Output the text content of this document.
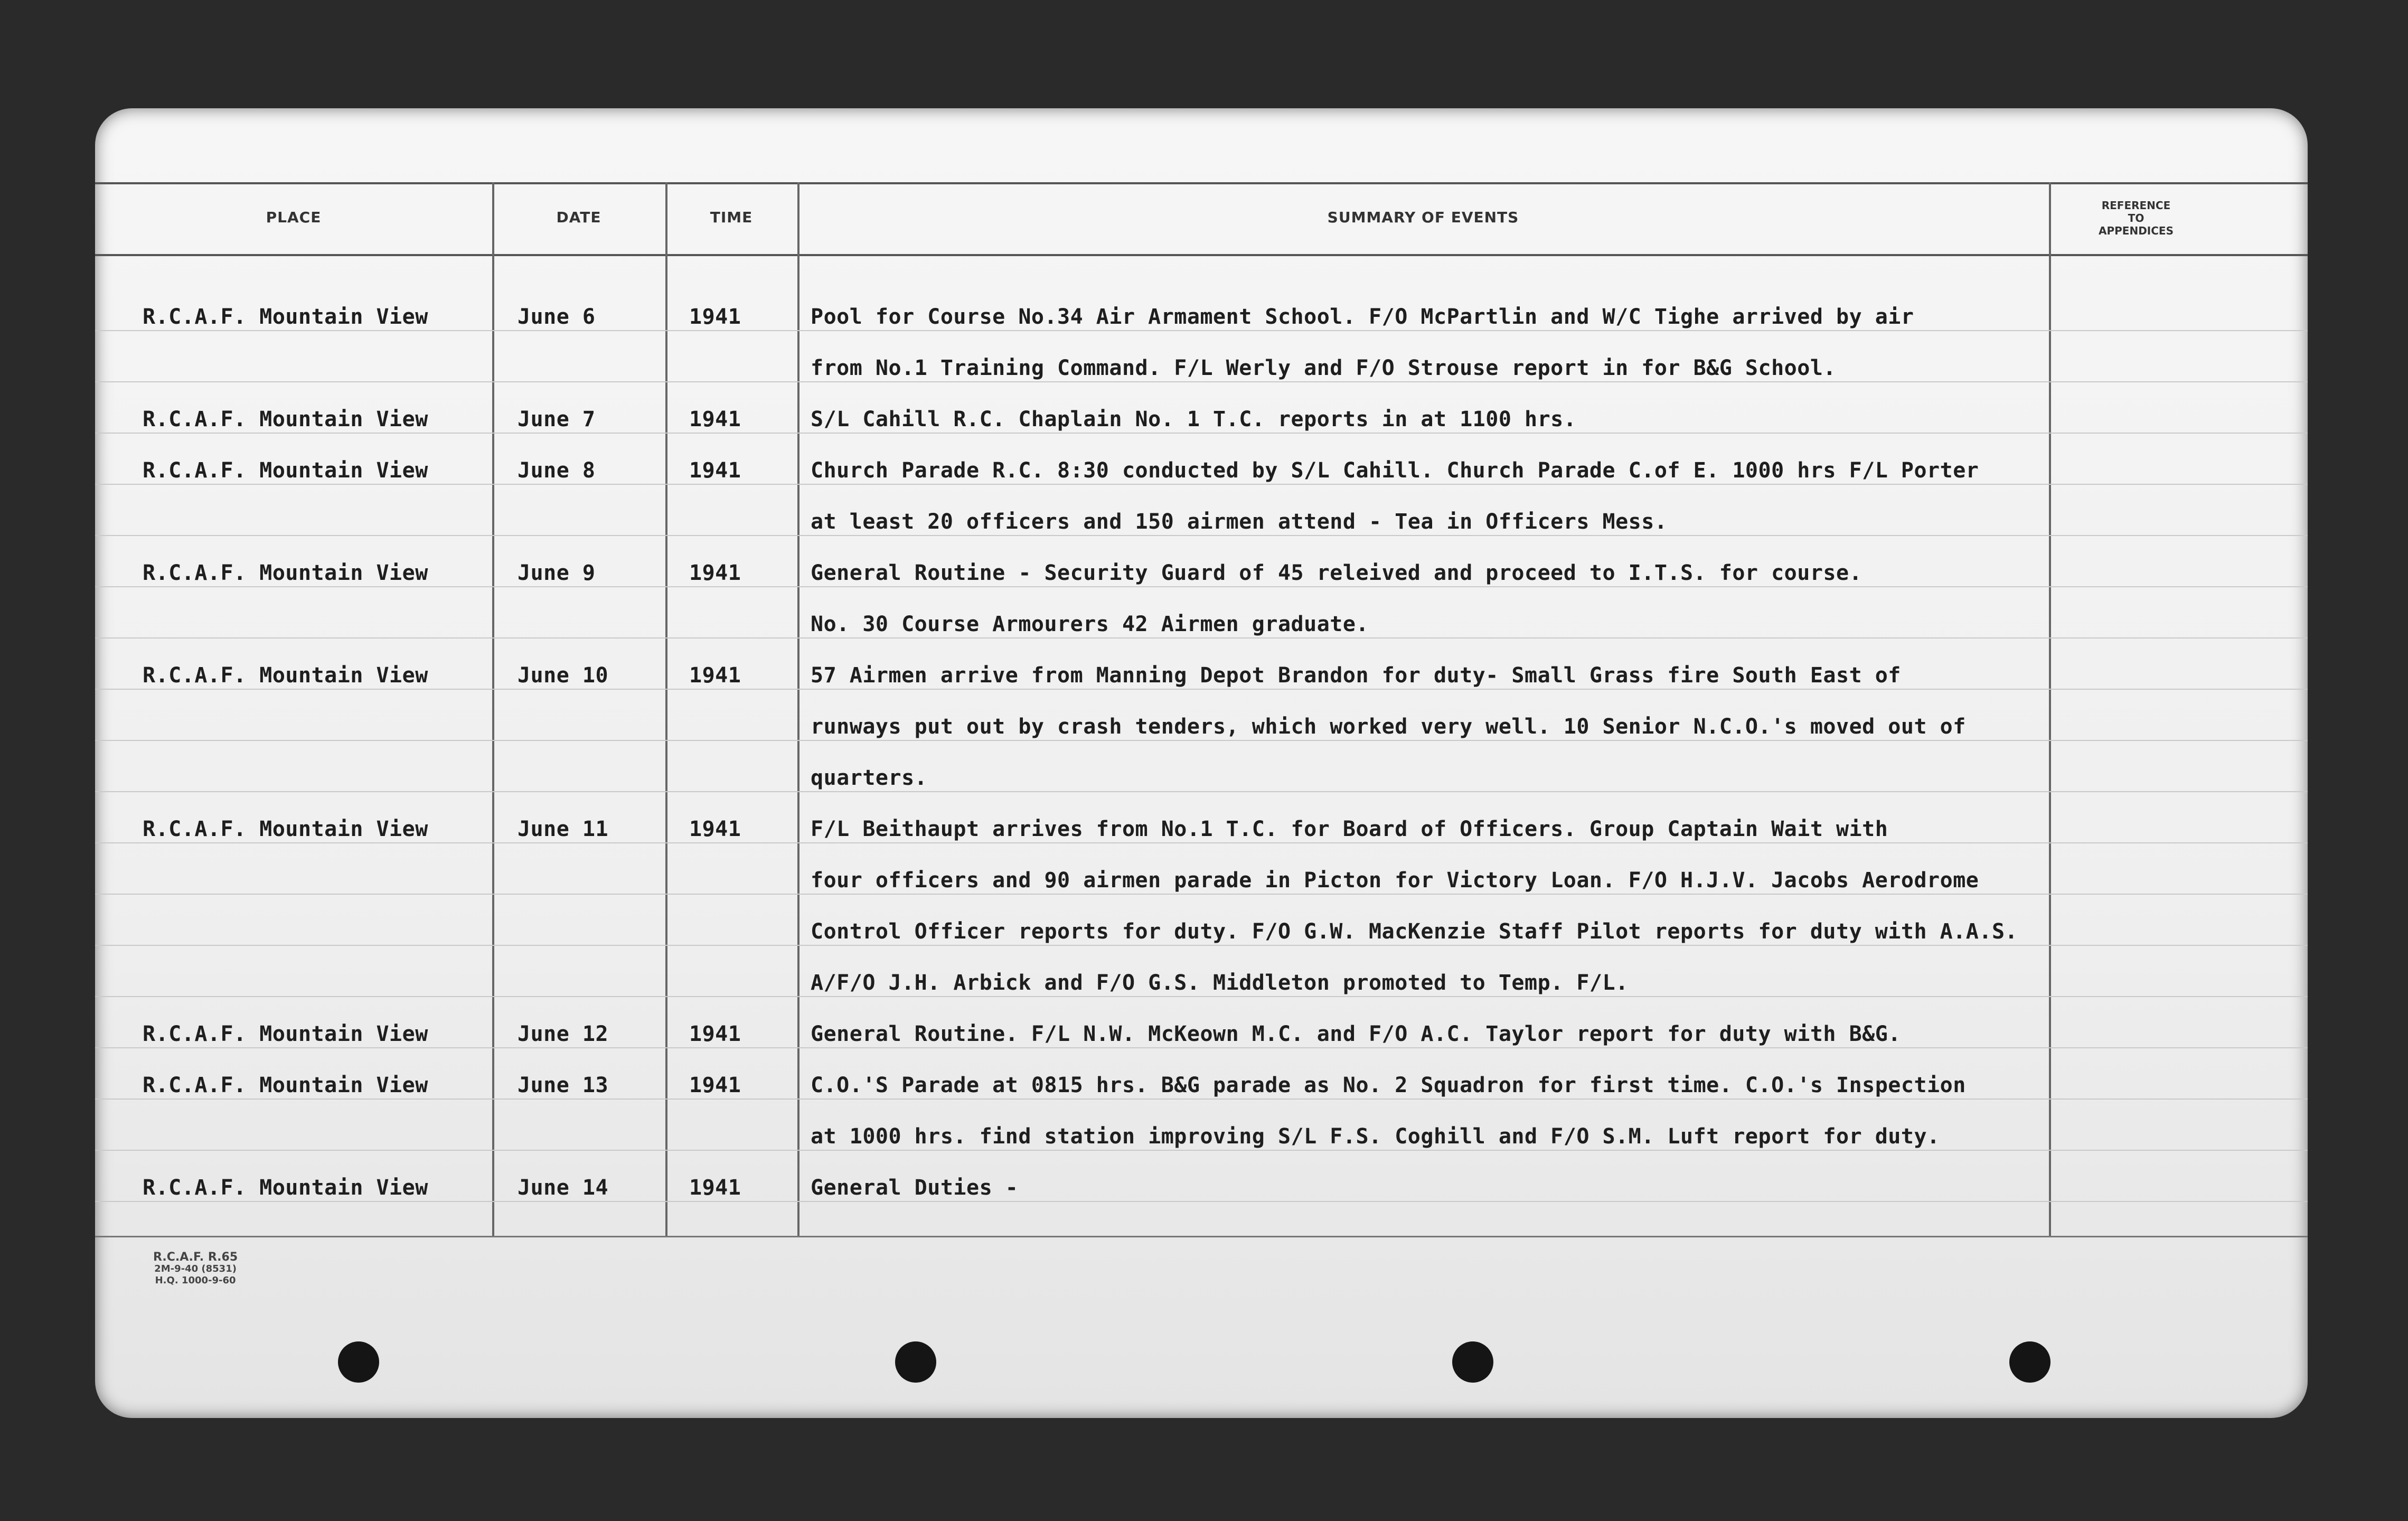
PLACE	DATE	TIME	SUMMARY OF EVENTS
REFERENCE
TO
APPENDICES
R.C.A.F. Mountain View	June 6	1941	Pool for Course No.34 Air Armament School. F/O McPartlin and W/C Tighe arrived by air
from No.1 Training Command. F/L Werly and F/O Strouse report in for B&G School.
R.C.A.F. Mountain View	June 7	1941	S/L Cahill R.C. Chaplain No. 1 T.C. reports in at 1100 hrs.
R.C.A.F. Mountain View	June 8	1941	Church Parade R.C. 8:30 conducted by S/L Cahill. Church Parade C.of E. 1000 hrs F/L Porter
at least 20 officers and 150 airmen attend - Tea in Officers Mess.
R.C.A.F. Mountain View	June 9	1941	General Routine - Security Guard of 45 releived and proceed to I.T.S. for course.
No. 30 Course Armourers 42 Airmen graduate.
R.C.A.F. Mountain View	June 10	1941	57 Airmen arrive from Manning Depot Brandon for duty- Small Grass fire South East of
runways put out by crash tenders, which worked very well. 10 Senior N.C.O.'s moved out of
quarters.
R.C.A.F. Mountain View	June 11	1941	F/L Beithaupt arrives from No.1 T.C. for Board of Officers. Group Captain Wait with
four officers and 90 airmen parade in Picton for Victory Loan. F/O H.J.V. Jacobs Aerodrome
Control Officer reports for duty. F/O G.W. MacKenzie Staff Pilot reports for duty with A.A.S.
A/F/O J.H. Arbick and F/O G.S. Middleton promoted to Temp. F/L.
R.C.A.F. Mountain View	June 12	1941	General Routine. F/L N.W. McKeown M.C. and F/O A.C. Taylor report for duty with B&G.
R.C.A.F. Mountain View	June 13	1941	C.O.'S Parade at 0815 hrs. B&G parade as No. 2 Squadron for first time. C.O.'s Inspection
at 1000 hrs. find station improving S/L F.S. Coghill and F/O S.M. Luft report for duty.
R.C.A.F. Mountain View	June 14	1941	General Duties -
R.C.A.F. R.65
2M-9-40 (8531)
H.Q. 1000-9-60
